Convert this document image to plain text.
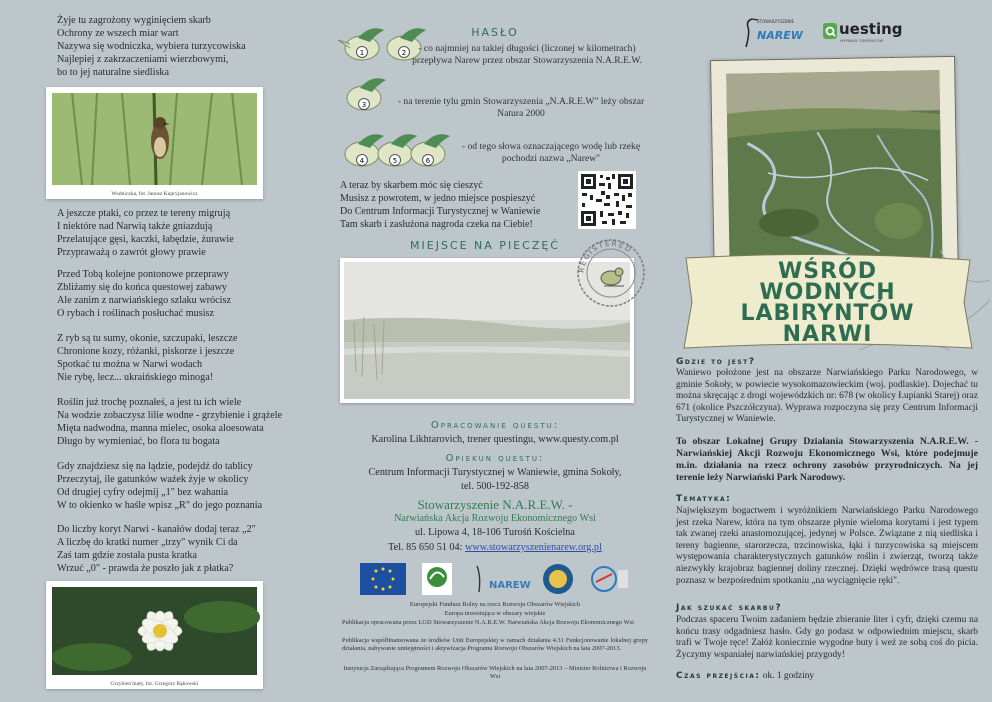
Żyje tu zagrożony wyginięciem skarb
Ochrony ze wszech miar wart
Nazywa się wodniczka, wybiera turzycowiska
Najlepiej z zakrzaczeniami wierzbowymi,
bo to jej naturalne siedliska
Wodniczka, fot. Janusz Kupryjanowicz
A jeszcze ptaki, co przez te tereny migrują
I niektóre nad Narwią także gniazdują
Przelatujące gęsi, kaczki, łabędzie, żurawie
Przypraważą o zawrót głowy prawie
Przed Tobą kolejne pontonowe przeprawy
Zbliżamy się do końca questowej zabawy
Ale zanim z narwiańskiego szlaku wrócisz
O rybach i roślinach posłuchać musisz
Z ryb są tu sumy, okonie, szczupaki, leszcze
Chronione kozy, różanki, piskorze i jeszcze
Spotkać tu można w Narwi wodach
Nie rybę, lecz... ukraińskiego minoga!
Roślin już trochę poznałeś, a jest tu ich wiele
Na wodzie zobaczysz lilie wodne - grzybienie i grążele
Mięta nadwodna, manna mielec, osoka aloesowata
Długo by wymieniać, bo flora tu bogata
Gdy znajdziesz się na lądzie, podejdź do tablicy
Przeczytaj, ile gatunków ważek żyje w okolicy
Od drugiej cyfry odejmij „1" bez wahania
W to okienko w haśle wpisz „R" do jego poznania
Do liczby koryt Narwi - kanałów dodaj teraz „2"
A liczbę do kratki numer „trzy" wynik Ci da
Zaś tam gdzie została pusta kratka
Wrzuć „0" - prawda że poszło jak z płatka?
Grzybień biały, fot. Grzegorz Rąkowski
HASŁO
1	2	- co najmniej na takiej długości (liczonej w kilometrach) przepływa Narew przez obszar Stowarzyszenia N.A.R.E.W.
3	- na terenie tylu gmin Stowarzyszenia „N.A.R.E.W" leży obszar Natura 2000
4	5	6
- od tego słowa oznaczającego wodę lub rzekę pochodzi nazwa „Narew"
A teraz by skarbem móc się cieszyć
Musisz z powrotem, w jedno miejsce pospieszyć
Do Centrum Informacji Turystycznej w Waniewie
Tam skarb i zasłużona nagroda czeka na Ciebie!
MIEJSCE NA PIECZĘĆ
REGISTERED
Opracowanie questu:
Karolina Likhtarovich, trener questingu, www.questy.com.pl
Opiekun questu:
Centrum Informacji Turystycznej w Waniewie, gmina Sokoły,
tel. 500-192-858
Stowarzyszenie N.A.R.E.W. -
Narwiańska Akcja Rozwoju Ekonomicznego Wsi
ul. Lipowa 4, 18-106 Turośń Kościelna
Tel. 85 650 51 04: www.stowarzyszenienarew.org.pl
NAREW
Europejski Fundusz Rolny na rzecz Rozwoju Obszarów Wiejskich
Europa inwestująca w obszary wiejskie
Publikacja opracowana przez LGD Stowarzyszenie N.A.R.E.W. Narwiańska Akcja Rozwoju Ekonomicznego Wsi
Publikacja współfinansowana ze środków Unii Europejskiej w ramach działania 4.31 Funkcjonowanie lokalnej grupy działania, nabywanie umiejętności i aktywizacja Programu Rozwoju Obszarów Wiejskich na lata 2007-2013.
Instytucja Zarządzająca Programem Rozwoju Obszarów Wiejskich na lata 2007-2013 – Minister Rolnictwa i Rozwoju Wsi
STOWARZYSZENIE
NAREW uesting
WYPRAWY ODKRYWCÓW
WŚRÓD
WODNYCH
LABIRYNTÓW
NARWI
Gdzie to jest?
Waniewo położone jest na obszarze Narwiańskiego Parku Narodowego, w gminie Sokoły, w powiecie wysokomazowieckim (woj. podlaskie). Dojechać tu można skręcając z drogi wojewódzkich nr: 678 (w okolicy Łupianki Starej) oraz 671 (okolice Pszczółczyna). Wyprawa rozpoczyna się przy Centrum Informacji Turystycznej w Waniewie.
To obszar Lokalnej Grupy Działania Stowarzyszenia N.A.R.E.W. - Narwiańskiej Akcji Rozwoju Ekonomicznego Wsi, które podejmuje m.in. działania na rzecz ochrony zasobów przyrodniczych. Na jej terenie leży Narwiański Park Narodowy.
Tematyka:
Największym bogactwem i wyróżnikiem Narwiańskiego Parku Narodowego jest rzeka Narew, która na tym obszarze płynie wieloma korytami i jest typem tak zwanej rzeki anastomozującej, jedynej w Polsce. Związane z nią siedliska i tereny bagienne, starorzecza, trzcinowiska, łąki i turzycowiska są miejscem występowania charakterystycznych gatunków roślin i zwierząt, tworzą także niezwykły krajobraz bagiennej doliny rzecznej. Dzięki wędrówce trasą questu poznasz w bezpośrednim spotkaniu „na wyciągnięcie ręki".
Jak szukać skarbu?
Podczas spaceru Twoim zadaniem będzie zbieranie liter i cyfr, dzięki czemu na końcu trasy odgadniesz hasło. Gdy go podasz w odpowiednim miejscu, skarb trafi w Twoje ręce! Załóż koniecznie wygodne buty i weź ze sobą coś do picia. Życzymy wspaniałej narwiańskiej przygody!
Czas przejścia: ok. 1 godziny
